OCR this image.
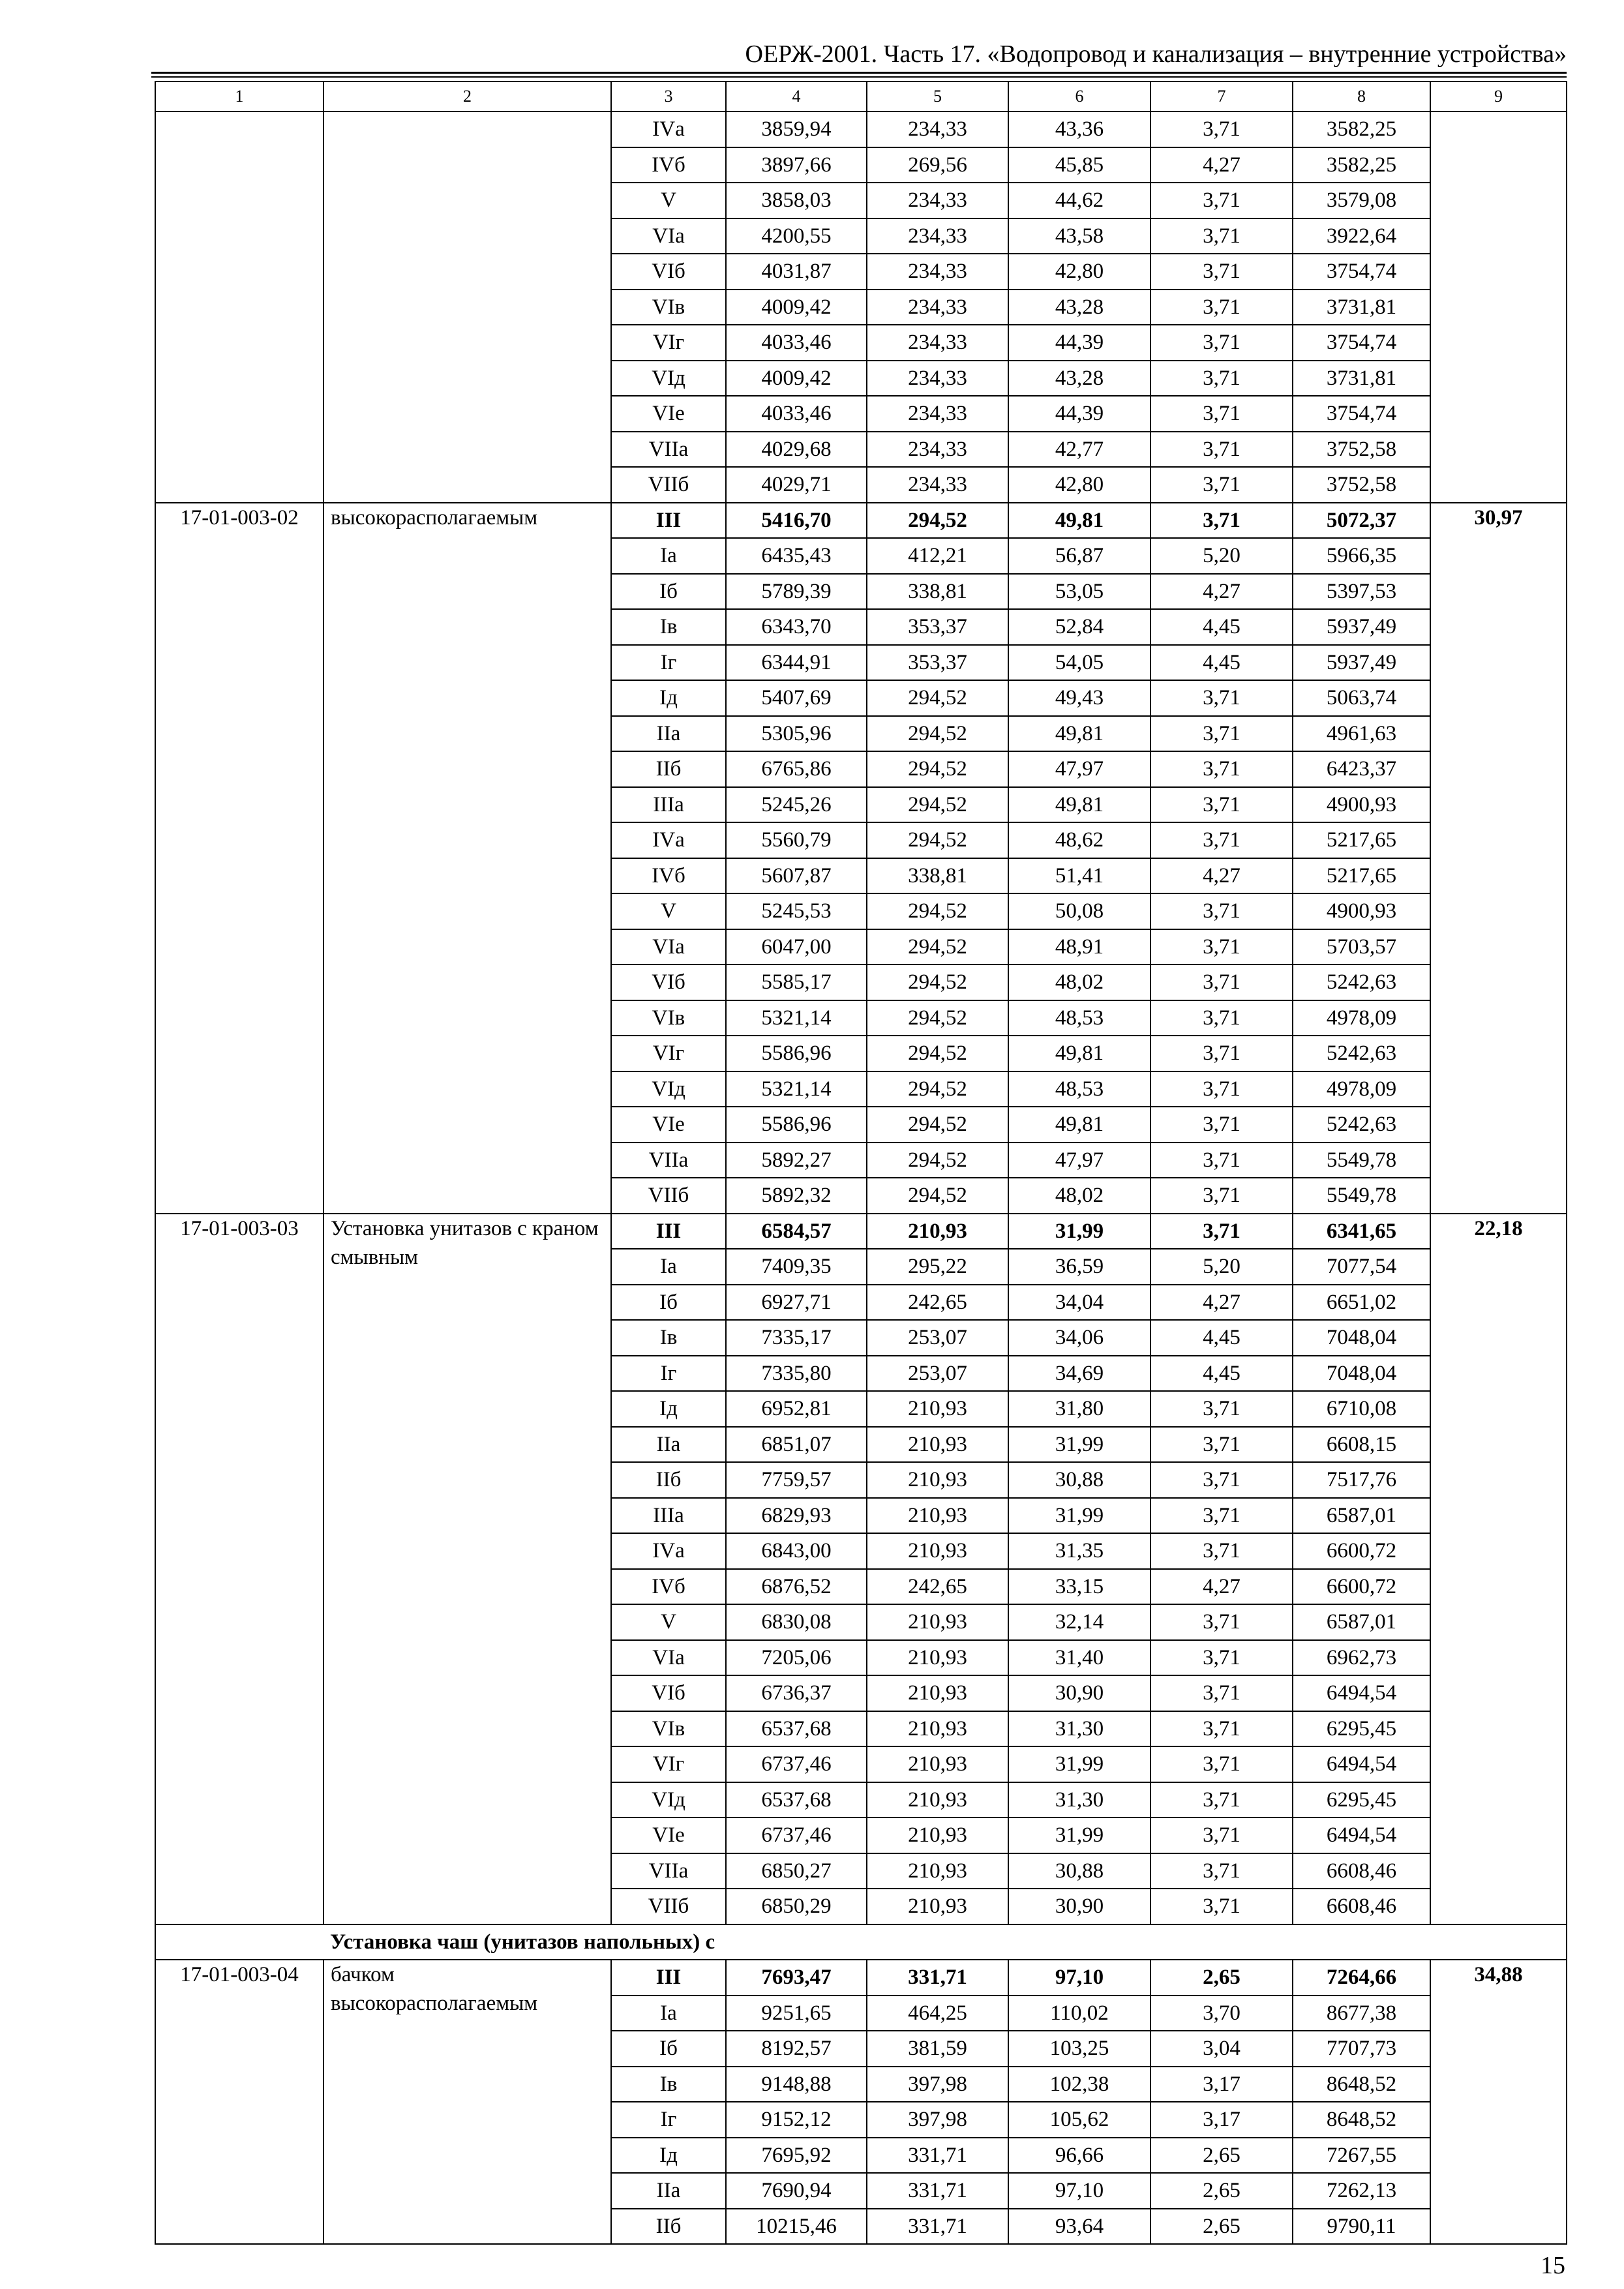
ОЕРЖ-2001. Часть 17. «Водопровод и канализация – внутренние устройства»
1	2	3	4	5	6	7	8	9
		IVа	3859,94	234,33	43,36	3,71	3582,25	
		IVб	3897,66	269,56	45,85	4,27	3582,25	
		V	3858,03	234,33	44,62	3,71	3579,08	
		VIа	4200,55	234,33	43,58	3,71	3922,64	
		VIб	4031,87	234,33	42,80	3,71	3754,74	
		VIв	4009,42	234,33	43,28	3,71	3731,81	
		VIг	4033,46	234,33	44,39	3,71	3754,74	
		VIд	4009,42	234,33	43,28	3,71	3731,81	
		VIе	4033,46	234,33	44,39	3,71	3754,74	
		VIIа	4029,68	234,33	42,77	3,71	3752,58	
		VIIб	4029,71	234,33	42,80	3,71	3752,58	
17-01-003-02	высокорасполагаемым	III	5416,70	294,52	49,81	3,71	5072,37	30,97
		Iа	6435,43	412,21	56,87	5,20	5966,35	
		Iб	5789,39	338,81	53,05	4,27	5397,53	
		Iв	6343,70	353,37	52,84	4,45	5937,49	
		Iг	6344,91	353,37	54,05	4,45	5937,49	
		Iд	5407,69	294,52	49,43	3,71	5063,74	
		IIа	5305,96	294,52	49,81	3,71	4961,63	
		IIб	6765,86	294,52	47,97	3,71	6423,37	
		IIIа	5245,26	294,52	49,81	3,71	4900,93	
		IVа	5560,79	294,52	48,62	3,71	5217,65	
		IVб	5607,87	338,81	51,41	4,27	5217,65	
		V	5245,53	294,52	50,08	3,71	4900,93	
		VIа	6047,00	294,52	48,91	3,71	5703,57	
		VIб	5585,17	294,52	48,02	3,71	5242,63	
		VIв	5321,14	294,52	48,53	3,71	4978,09	
		VIг	5586,96	294,52	49,81	3,71	5242,63	
		VIд	5321,14	294,52	48,53	3,71	4978,09	
		VIе	5586,96	294,52	49,81	3,71	5242,63	
		VIIа	5892,27	294,52	47,97	3,71	5549,78	
		VIIб	5892,32	294,52	48,02	3,71	5549,78	
17-01-003-03	Установка унитазов с краном смывным	III	6584,57	210,93	31,99	3,71	6341,65	22,18
		Iа	7409,35	295,22	36,59	5,20	7077,54	
		Iб	6927,71	242,65	34,04	4,27	6651,02	
		Iв	7335,17	253,07	34,06	4,45	7048,04	
		Iг	7335,80	253,07	34,69	4,45	7048,04	
		Iд	6952,81	210,93	31,80	3,71	6710,08	
		IIа	6851,07	210,93	31,99	3,71	6608,15	
		IIб	7759,57	210,93	30,88	3,71	7517,76	
		IIIа	6829,93	210,93	31,99	3,71	6587,01	
		IVа	6843,00	210,93	31,35	3,71	6600,72	
		IVб	6876,52	242,65	33,15	4,27	6600,72	
		V	6830,08	210,93	32,14	3,71	6587,01	
		VIа	7205,06	210,93	31,40	3,71	6962,73	
		VIб	6736,37	210,93	30,90	3,71	6494,54	
		VIв	6537,68	210,93	31,30	3,71	6295,45	
		VIг	6737,46	210,93	31,99	3,71	6494,54	
		VIд	6537,68	210,93	31,30	3,71	6295,45	
		VIе	6737,46	210,93	31,99	3,71	6494,54	
		VIIа	6850,27	210,93	30,88	3,71	6608,46	
		VIIб	6850,29	210,93	30,90	3,71	6608,46	
	Установка чаш (унитазов напольных) с							
17-01-003-04	бачком высокорасполагаемым	III	7693,47	331,71	97,10	2,65	7264,66	34,88
		Iа	9251,65	464,25	110,02	3,70	8677,38	
		Iб	8192,57	381,59	103,25	3,04	7707,73	
		Iв	9148,88	397,98	102,38	3,17	8648,52	
		Iг	9152,12	397,98	105,62	3,17	8648,52	
		Iд	7695,92	331,71	96,66	2,65	7267,55	
		IIа	7690,94	331,71	97,10	2,65	7262,13	
		IIб	10215,46	331,71	93,64	2,65	9790,11	
15
